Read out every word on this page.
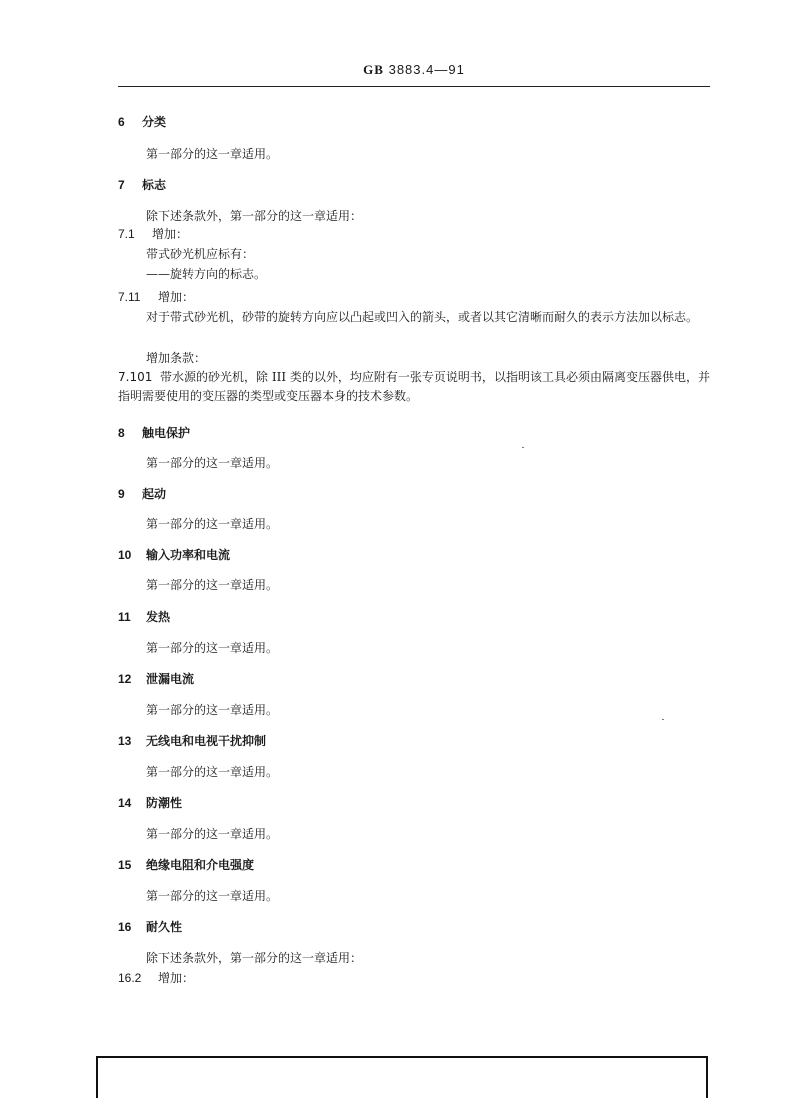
GB 3883.4—91
6 分类
第一部分的这一章适用。
7 标志
除下述条款外，第一部分的这一章适用：
7.1 增加：
带式砂光机应标有：
——旋转方向的标志。
7.11 增加：
对于带式砂光机，砂带的旋转方向应以凸起或凹入的箭头，或者以其它清晰而耐久的表示方法加以标志。
增加条款：
7.101 带水源的砂光机，除 III 类的以外，均应附有一张专页说明书，以指明该工具必须由隔离变压器供电，并指明需要使用的变压器的类型或变压器本身的技术参数。
8 触电保护
第一部分的这一章适用。
9 起动
第一部分的这一章适用。
10 输入功率和电流
第一部分的这一章适用。
11 发热
第一部分的这一章适用。
12 泄漏电流
第一部分的这一章适用。
13 无线电和电视干扰抑制
第一部分的这一章适用。
14 防潮性
第一部分的这一章适用。
15 绝缘电阻和介电强度
第一部分的这一章适用。
16 耐久性
除下述条款外，第一部分的这一章适用：
16.2 增加：
